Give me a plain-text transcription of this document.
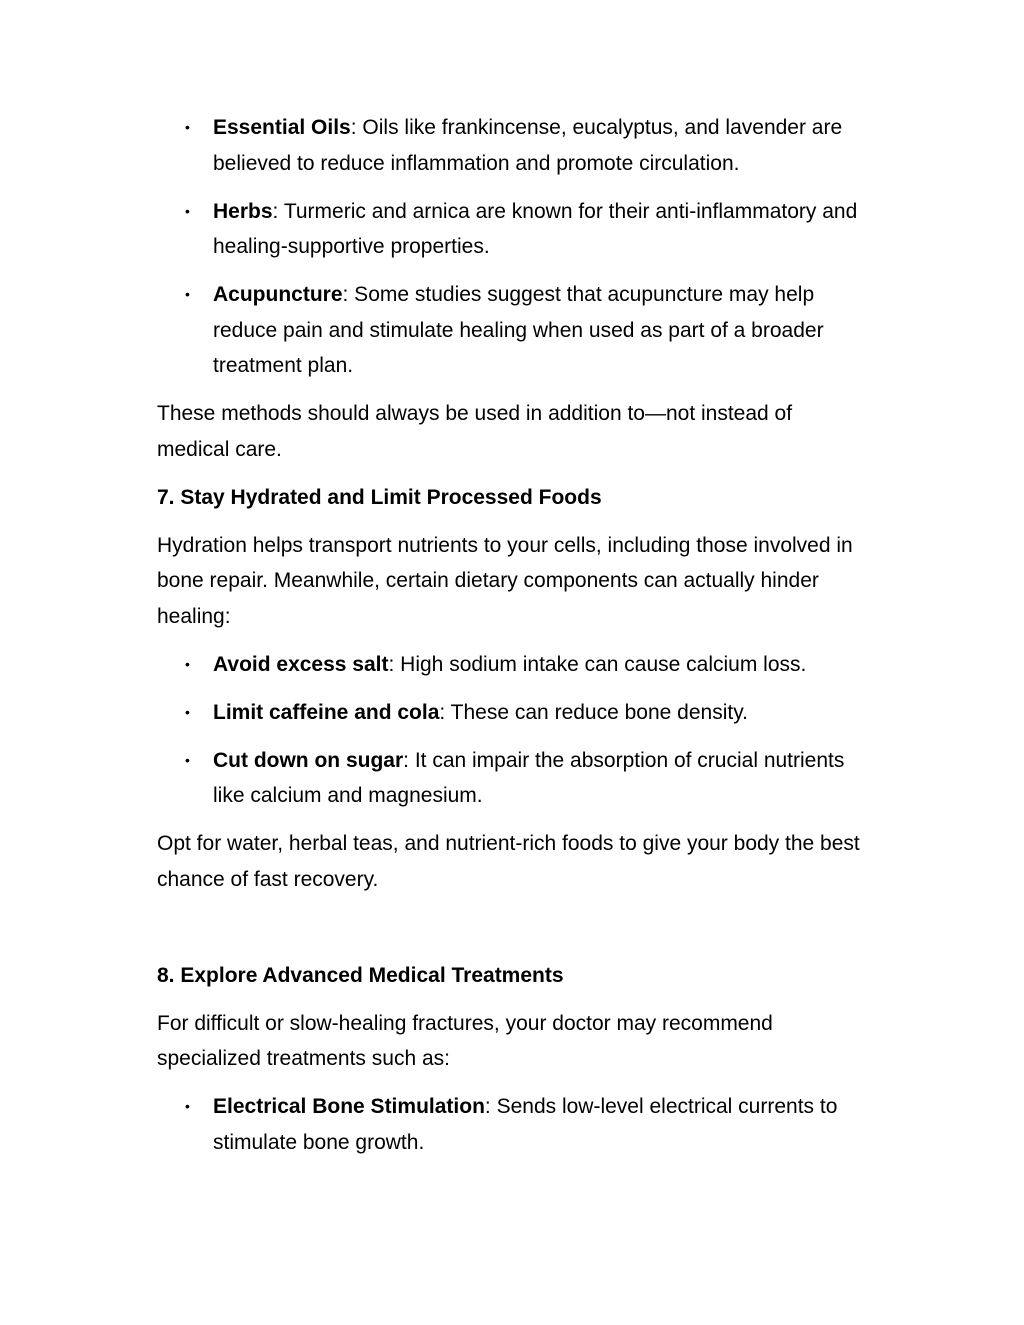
• Essential Oils: Oils like frankincense, eucalyptus, and lavender are believed to reduce inflammation and promote circulation.
• Herbs: Turmeric and arnica are known for their anti-inflammatory and healing-supportive properties.
• Acupuncture: Some studies suggest that acupuncture may help reduce pain and stimulate healing when used as part of a broader treatment plan.

These methods should always be used in addition to—not instead of medical care.

7. Stay Hydrated and Limit Processed Foods

Hydration helps transport nutrients to your cells, including those involved in bone repair. Meanwhile, certain dietary components can actually hinder healing:

• Avoid excess salt: High sodium intake can cause calcium loss.
• Limit caffeine and cola: These can reduce bone density.
• Cut down on sugar: It can impair the absorption of crucial nutrients like calcium and magnesium.

Opt for water, herbal teas, and nutrient-rich foods to give your body the best chance of fast recovery.

8. Explore Advanced Medical Treatments

For difficult or slow-healing fractures, your doctor may recommend specialized treatments such as:

• Electrical Bone Stimulation: Sends low-level electrical currents to stimulate bone growth.
